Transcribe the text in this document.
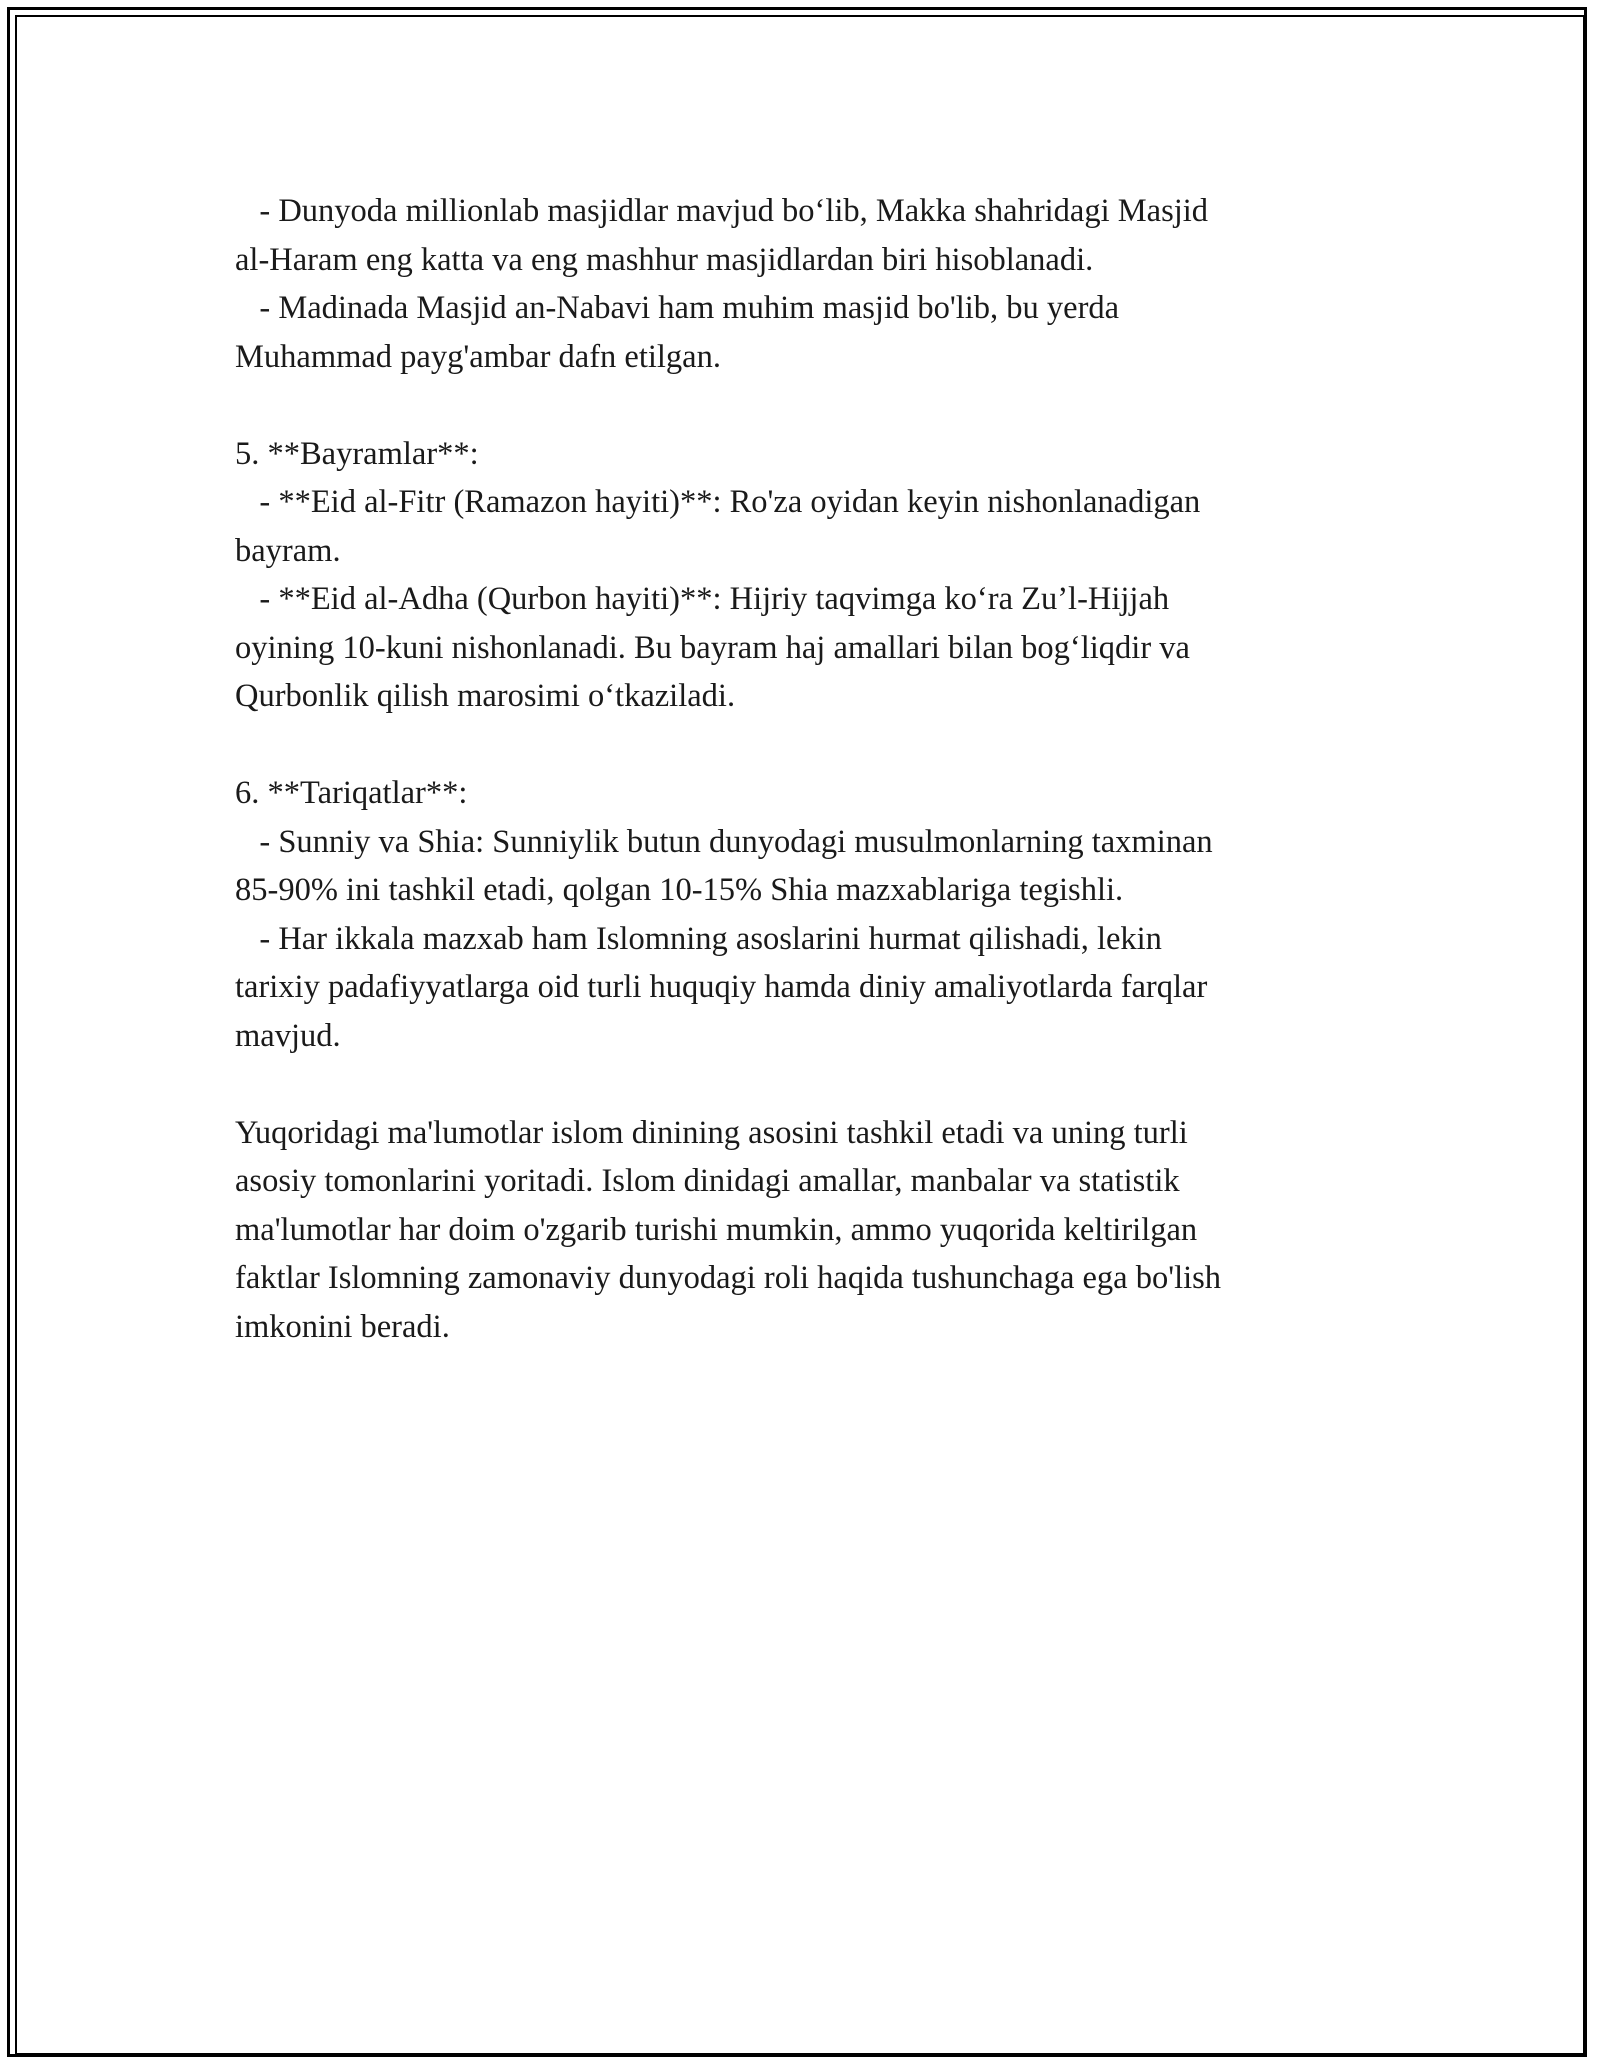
- Dunyoda millionlab masjidlar mavjud bo‘lib, Makka shahridagi Masjid
al-Haram eng katta va eng mashhur masjidlardan biri hisoblanadi.
- Madinada Masjid an-Nabavi ham muhim masjid bo'lib, bu yerda
Muhammad payg'ambar dafn etilgan.
5. **Bayramlar**:
- **Eid al-Fitr (Ramazon hayiti)**: Ro'za oyidan keyin nishonlanadigan
bayram.
- **Eid al-Adha (Qurbon hayiti)**: Hijriy taqvimga ko‘ra Zu’l-Hijjah
oyining 10-kuni nishonlanadi. Bu bayram haj amallari bilan bog‘liqdir va
Qurbonlik qilish marosimi o‘tkaziladi.
6. **Tariqatlar**:
- Sunniy va Shia: Sunniylik butun dunyodagi musulmonlarning taxminan
85-90% ini tashkil etadi, qolgan 10-15% Shia mazxablariga tegishli.
- Har ikkala mazxab ham Islomning asoslarini hurmat qilishadi, lekin
tarixiy padafiyyatlarga oid turli huquqiy hamda diniy amaliyotlarda farqlar
mavjud.
Yuqoridagi ma'lumotlar islom dinining asosini tashkil etadi va uning turli
asosiy tomonlarini yoritadi. Islom dinidagi amallar, manbalar va statistik
ma'lumotlar har doim o'zgarib turishi mumkin, ammo yuqorida keltirilgan
faktlar Islomning zamonaviy dunyodagi roli haqida tushunchaga ega bo'lish
imkonini beradi.
